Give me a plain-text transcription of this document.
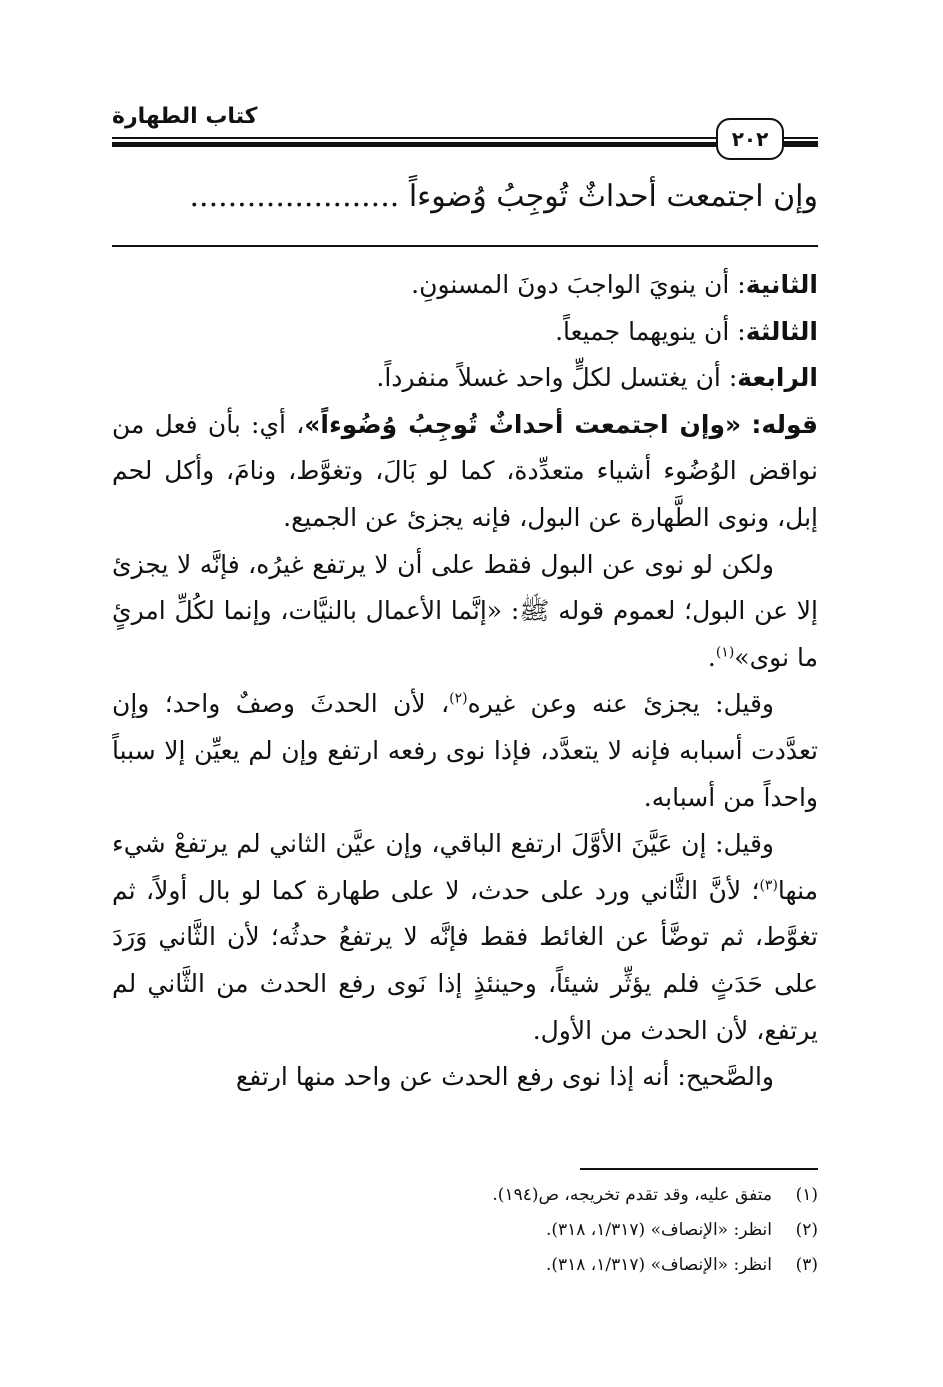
كتاب الطهارة
٢٠٢
وإن اجتمعت أحداثٌ تُوجِبُ وُضوءاً ......................

الثانية: أن ينويَ الواجبَ دونَ المسنونِ.

الثالثة: أن ينويهما جميعاً.

الرابعة: أن يغتسل لكلٍّ واحد غسلاً منفرداً.

قوله: «وإن اجتمعت أحداثٌ تُوجِبُ وُضُوءاً»، أي: بأن فعل من نواقض الوُضُوء أشياء متعدِّدة، كما لو بَالَ، وتغوَّط، ونامَ، وأكل لحم إبل، ونوى الطَّهارة عن البول، فإنه يجزئ عن الجميع.

ولكن لو نوى عن البول فقط على أن لا يرتفع غيرُه، فإنَّه لا يجزئ إلا عن البول؛ لعموم قوله ﷺ: «إنَّما الأعمال بالنيَّات، وإنما لكُلِّ امرئٍ ما نوى»$^{(١)}$.

وقيل: يجزئ عنه وعن غيره$^{(٢)}$، لأن الحدثَ وصفٌ واحد؛ وإن تعدَّدت أسبابه فإنه لا يتعدَّد، فإذا نوى رفعه ارتفع وإن لم يعيِّن إلا سبباً واحداً من أسبابه.

وقيل: إن عَيَّنَ الأوَّلَ ارتفع الباقي، وإن عيَّن الثاني لم يرتفعْ شيء منها$^{(٣)}$؛ لأنَّ الثَّاني ورد على حدث، لا على طهارة كما لو بال أولاً، ثم تغوَّط، ثم توضَّأ عن الغائط فقط فإنَّه لا يرتفعُ حدثُه؛ لأن الثَّاني وَرَدَ على حَدَثٍ فلم يؤثِّر شيئاً، وحينئذٍ إذا نَوى رفع الحدث من الثَّاني لم يرتفع، لأن الحدث من الأول.

والصَّحيح: أنه إذا نوى رفع الحدث عن واحد منها ارتفع

(١)
متفق عليه، وقد تقدم تخريجه، ص(١٩٤).
(٢)
انظر: «الإنصاف» (١/٣١٧، ٣١٨).
(٣)
انظر: «الإنصاف» (١/٣١٧، ٣١٨).
